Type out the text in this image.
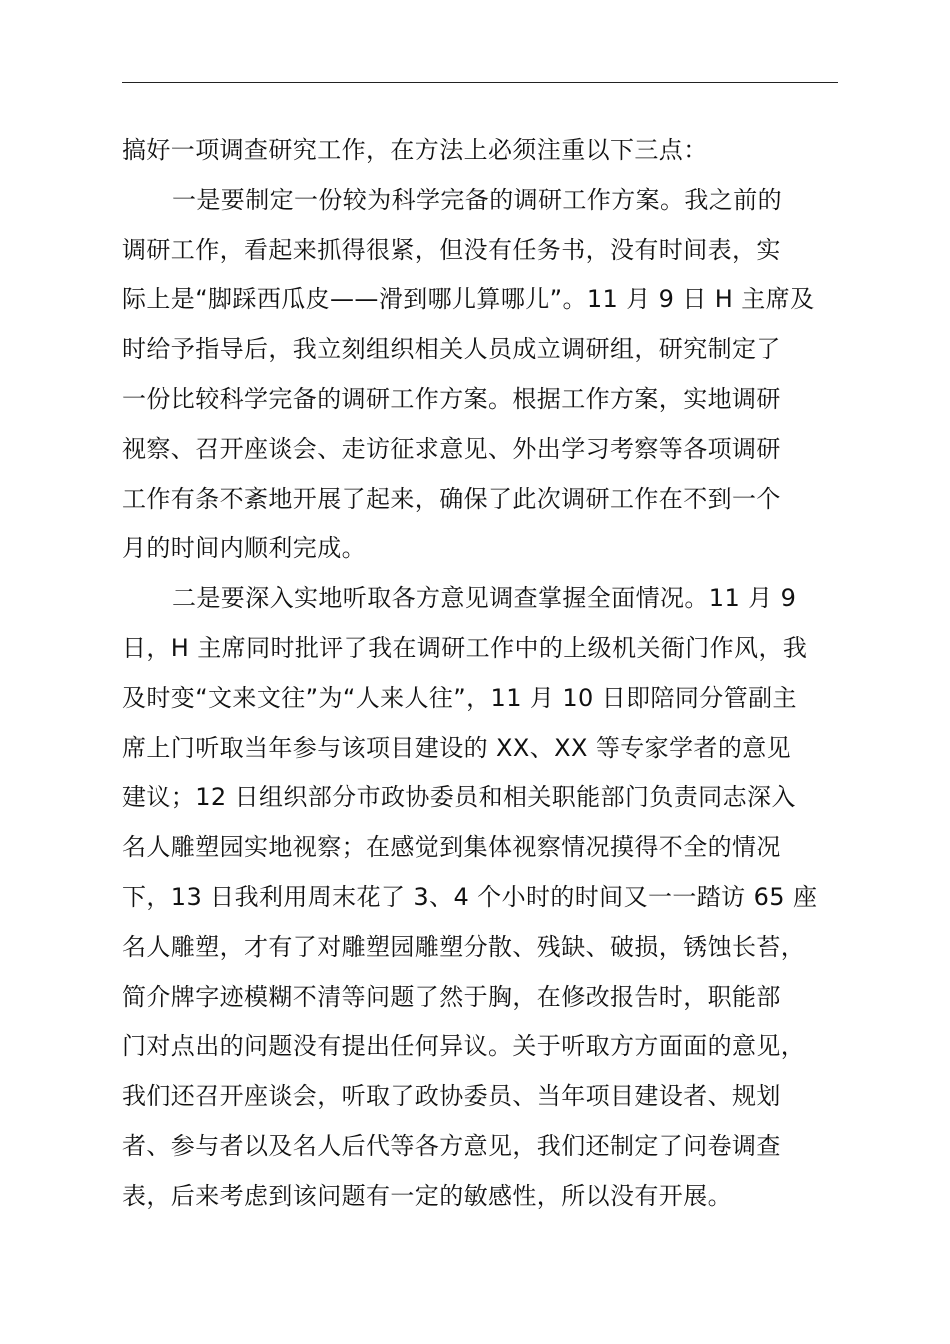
搞好一项调查研究工作，在方法上必须注重以下三点：

一是要制定一份较为科学完备的调研工作方案。我之前的
调研工作，看起来抓得很紧，但没有任务书，没有时间表，实
际上是“脚踩西瓜皮——滑到哪儿算哪儿”。11 月 9 日 H 主席及
时给予指导后，我立刻组织相关人员成立调研组，研究制定了
一份比较科学完备的调研工作方案。根据工作方案，实地调研
视察、召开座谈会、走访征求意见、外出学习考察等各项调研
工作有条不紊地开展了起来，确保了此次调研工作在不到一个
月的时间内顺利完成。

二是要深入实地听取各方意见调查掌握全面情况。11 月 9
日，H 主席同时批评了我在调研工作中的上级机关衙门作风，我
及时变“文来文往”为“人来人往”，11 月 10 日即陪同分管副主
席上门听取当年参与该项目建设的 XX、XX 等专家学者的意见
建议；12 日组织部分市政协委员和相关职能部门负责同志深入
名人雕塑园实地视察；在感觉到集体视察情况摸得不全的情况
下，13 日我利用周末花了 3、4 个小时的时间又一一踏访 65 座
名人雕塑，才有了对雕塑园雕塑分散、残缺、破损，锈蚀长苔，
简介牌字迹模糊不清等问题了然于胸，在修改报告时，职能部
门对点出的问题没有提出任何异议。关于听取方方面面的意见，
我们还召开座谈会，听取了政协委员、当年项目建设者、规划
者、参与者以及名人后代等各方意见，我们还制定了问卷调查
表，后来考虑到该问题有一定的敏感性，所以没有开展。
